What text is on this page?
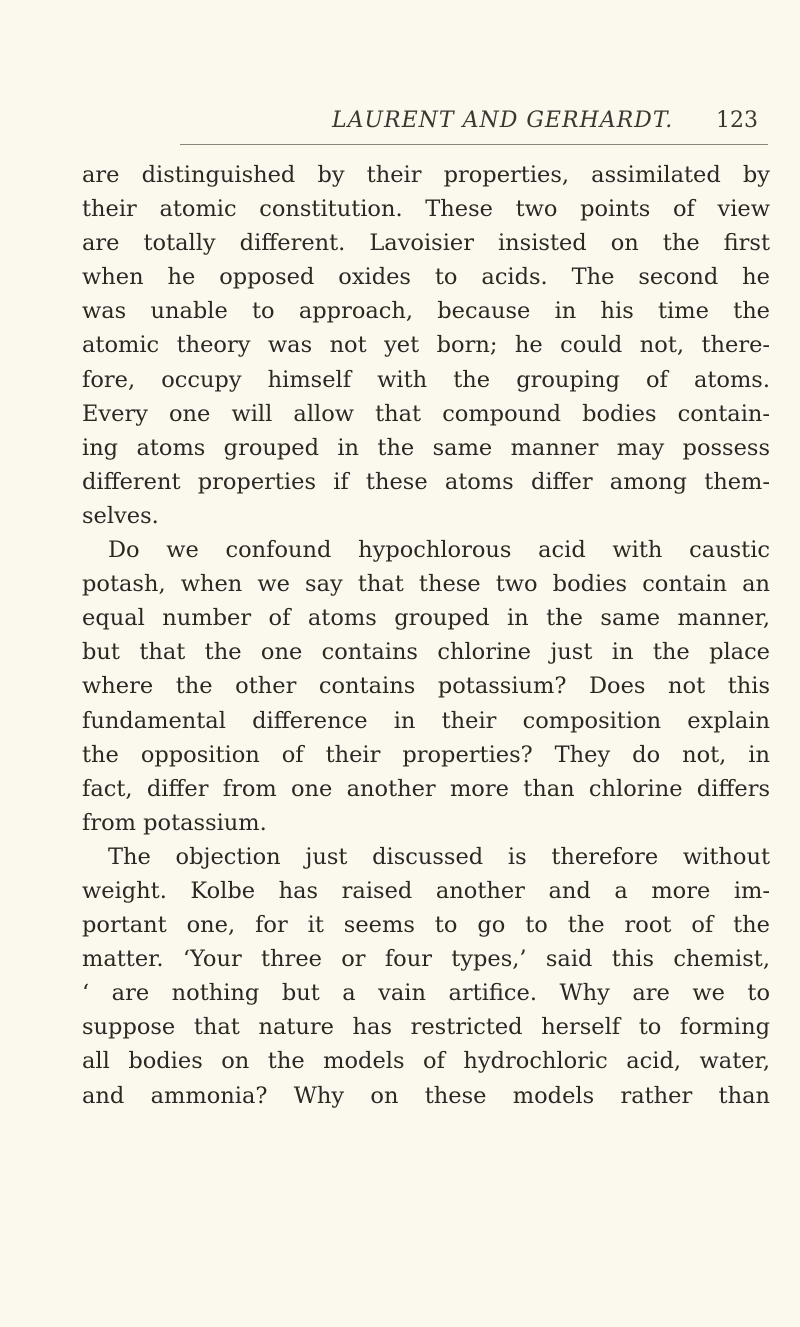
LAURENT AND GERHARDT. 123
are distinguished by their properties, assimilated by
their atomic constitution. These two points of view
are totally different. Lavoisier insisted on the first
when he opposed oxides to acids. The second he
was unable to approach, because in his time the
atomic theory was not yet born; he could not, there-
fore, occupy himself with the grouping of atoms.
Every one will allow that compound bodies contain-
ing atoms grouped in the same manner may possess
different properties if these atoms differ among them-
selves.
Do we confound hypochlorous acid with caustic
potash, when we say that these two bodies contain an
equal number of atoms grouped in the same manner,
but that the one contains chlorine just in the place
where the other contains potassium? Does not this
fundamental difference in their composition explain
the opposition of their properties? They do not, in
fact, differ from one another more than chlorine differs
from potassium.
The objection just discussed is therefore without
weight. Kolbe has raised another and a more im-
portant one, for it seems to go to the root of the
matter. ‘Your three or four types,’ said this chemist,
‘ are nothing but a vain artifice. Why are we to
suppose that nature has restricted herself to forming
all bodies on the models of hydrochloric acid, water,
and ammonia? Why on these models rather than
